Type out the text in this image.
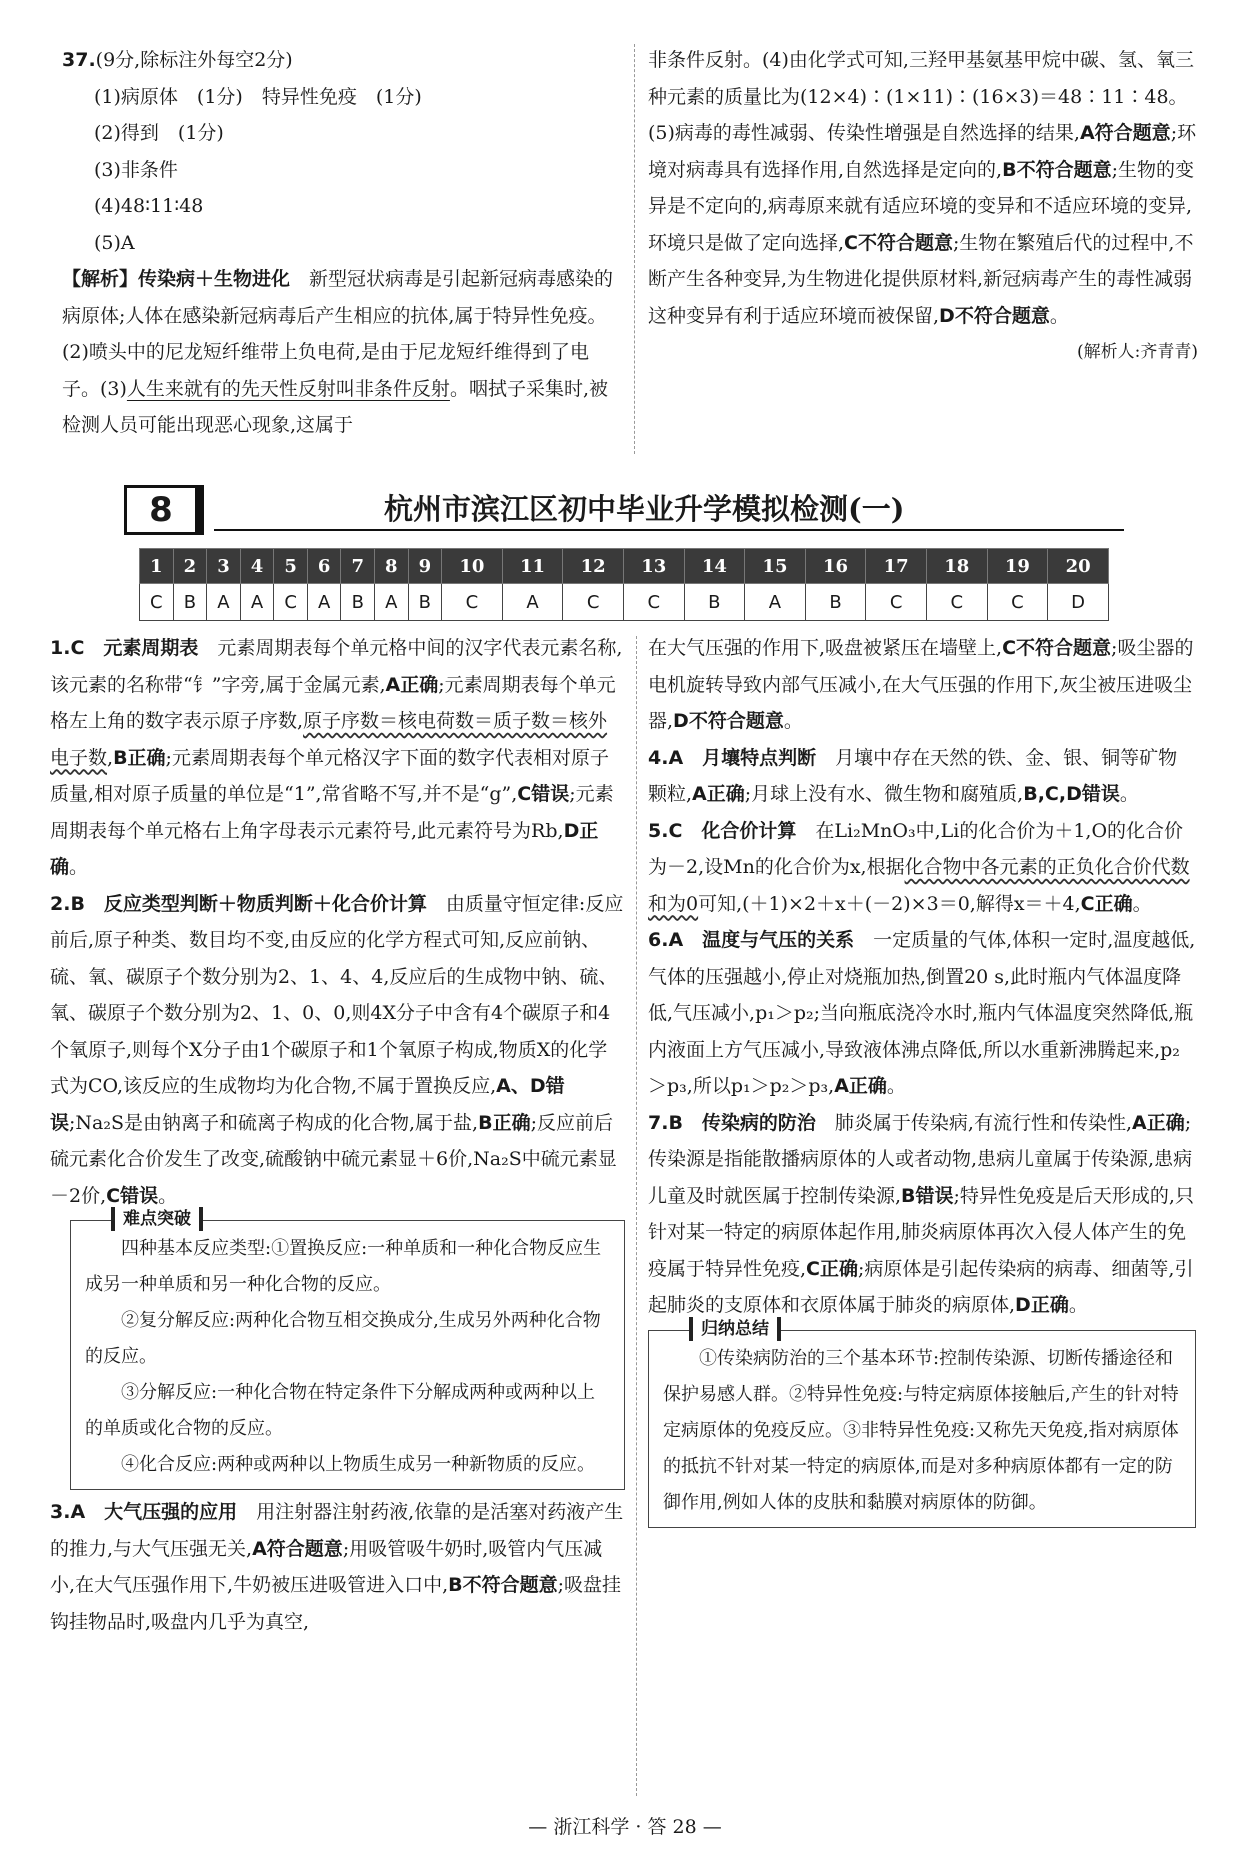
37.(9分,除标注外每空2分)

(1)病原体　(1分)　特异性免疫　(1分)

(2)得到　(1分)

(3)非条件

(4)48∶11∶48

(5)A

【解析】传染病＋生物进化　新型冠状病毒是引起新冠病毒感染的病原体;人体在感染新冠病毒后产生相应的抗体,属于特异性免疫。(2)喷头中的尼龙短纤维带上负电荷,是由于尼龙短纤维得到了电子。(3)人生来就有的先天性反射叫非条件反射。咽拭子采集时,被检测人员可能出现恶心现象,这属于

非条件反射。(4)由化学式可知,三羟甲基氨基甲烷中碳、氢、氧三种元素的质量比为(12×4)∶(1×11)∶(16×3)＝48∶11∶48。(5)病毒的毒性减弱、传染性增强是自然选择的结果,A符合题意;环境对病毒具有选择作用,自然选择是定向的,B不符合题意;生物的变异是不定向的,病毒原来就有适应环境的变异和不适应环境的变异,环境只是做了定向选择,C不符合题意;生物在繁殖后代的过程中,不断产生各种变异,为生物进化提供原材料,新冠病毒产生的毒性减弱这种变异有利于适应环境而被保留,D不符合题意。

(解析人:齐青青)

8	杭州市滨江区初中毕业升学模拟检测(一)
1	2	3	4	5	6	7	8	9	10	11	12	13	14	15	16	17	18	19	20
C	B	A	A	C	A	B	A	B	C	A	C	C	B	A	B	C	C	C	D

1.C　元素周期表　元素周期表每个单元格中间的汉字代表元素名称,该元素的名称带“钅”字旁,属于金属元素,A正确;元素周期表每个单元格左上角的数字表示原子序数,原子序数＝核电荷数＝质子数＝核外电子数,B正确;元素周期表每个单元格汉字下面的数字代表相对原子质量,相对原子质量的单位是“1”,常省略不写,并不是“g”,C错误;元素周期表每个单元格右上角字母表示元素符号,此元素符号为Rb,D正确。

2.B　反应类型判断＋物质判断＋化合价计算　由质量守恒定律:反应前后,原子种类、数目均不变,由反应的化学方程式可知,反应前钠、硫、氧、碳原子个数分别为2、1、4、4,反应后的生成物中钠、硫、氧、碳原子个数分别为2、1、0、0,则4X分子中含有4个碳原子和4个氧原子,则每个X分子由1个碳原子和1个氧原子构成,物质X的化学式为CO,该反应的生成物均为化合物,不属于置换反应,A、D错误;Na₂S是由钠离子和硫离子构成的化合物,属于盐,B正确;反应前后硫元素化合价发生了改变,硫酸钠中硫元素显＋6价,Na₂S中硫元素显－2价,C错误。

难点突破

四种基本反应类型:①置换反应:一种单质和一种化合物反应生成另一种单质和另一种化合物的反应。

②复分解反应:两种化合物互相交换成分,生成另外两种化合物的反应。

③分解反应:一种化合物在特定条件下分解成两种或两种以上的单质或化合物的反应。

④化合反应:两种或两种以上物质生成另一种新物质的反应。

3.A　大气压强的应用　用注射器注射药液,依靠的是活塞对药液产生的推力,与大气压强无关,A符合题意;用吸管吸牛奶时,吸管内气压减小,在大气压强作用下,牛奶被压进吸管进入口中,B不符合题意;吸盘挂钩挂物品时,吸盘内几乎为真空,

在大气压强的作用下,吸盘被紧压在墙壁上,C不符合题意;吸尘器的电机旋转导致内部气压减小,在大气压强的作用下,灰尘被压进吸尘器,D不符合题意。

4.A　月壤特点判断　月壤中存在天然的铁、金、银、铜等矿物颗粒,A正确;月球上没有水、微生物和腐殖质,B,C,D错误。

5.C　化合价计算　在Li₂MnO₃中,Li的化合价为＋1,O的化合价为－2,设Mn的化合价为x,根据化合物中各元素的正负化合价代数和为0可知,(＋1)×2＋x＋(－2)×3＝0,解得x＝＋4,C正确。

6.A　温度与气压的关系　一定质量的气体,体积一定时,温度越低,气体的压强越小,停止对烧瓶加热,倒置20 s,此时瓶内气体温度降低,气压减小,p₁＞p₂;当向瓶底浇冷水时,瓶内气体温度突然降低,瓶内液面上方气压减小,导致液体沸点降低,所以水重新沸腾起来,p₂＞p₃,所以p₁＞p₂＞p₃,A正确。

7.B　传染病的防治　肺炎属于传染病,有流行性和传染性,A正确;传染源是指能散播病原体的人或者动物,患病儿童属于传染源,患病儿童及时就医属于控制传染源,B错误;特异性免疫是后天形成的,只针对某一特定的病原体起作用,肺炎病原体再次入侵人体产生的免疫属于特异性免疫,C正确;病原体是引起传染病的病毒、细菌等,引起肺炎的支原体和衣原体属于肺炎的病原体,D正确。

归纳总结

①传染病防治的三个基本环节:控制传染源、切断传播途径和保护易感人群。②特异性免疫:与特定病原体接触后,产生的针对特定病原体的免疫反应。③非特异性免疫:又称先天免疫,指对病原体的抵抗不针对某一特定的病原体,而是对多种病原体都有一定的防御作用,例如人体的皮肤和黏膜对病原体的防御。

— 浙江科学 · 答 28 —
